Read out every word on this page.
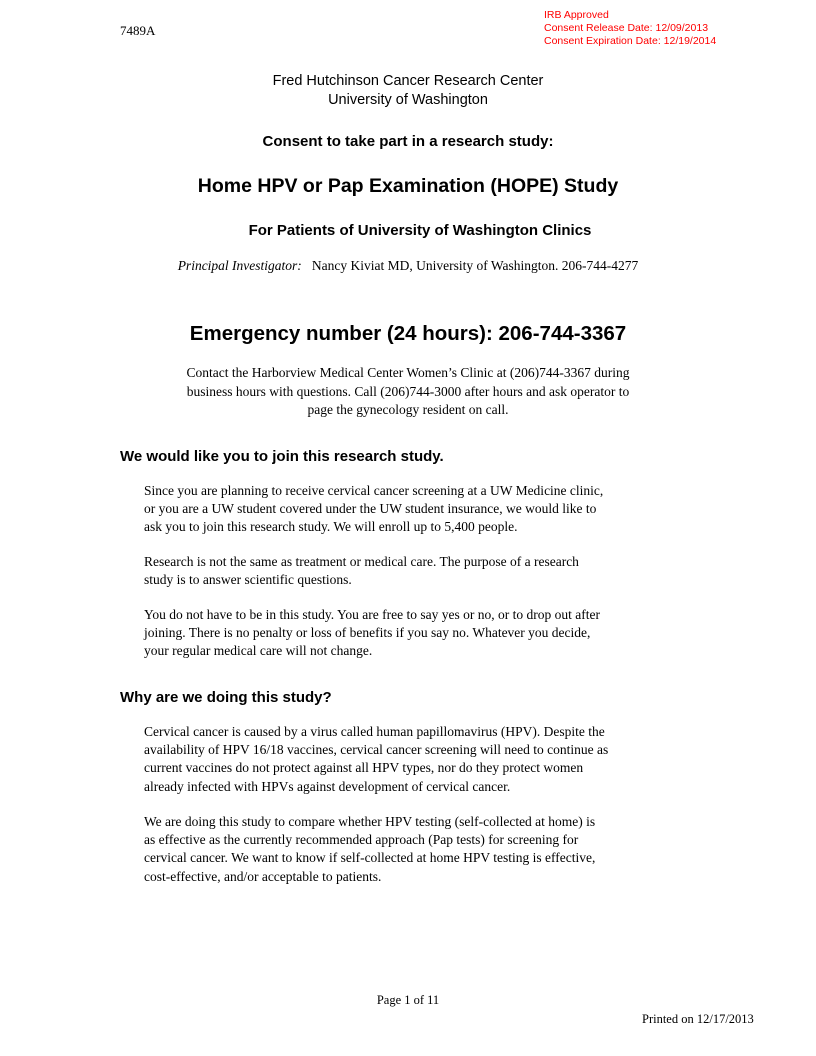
7489A
IRB Approved
Consent Release Date: 12/09/2013
Consent Expiration Date: 12/19/2014
Fred Hutchinson Cancer Research Center
University of Washington
Consent to take part in a research study:
Home HPV or Pap Examination (HOPE) Study
For Patients of University of Washington Clinics
Principal Investigator: Nancy Kiviat MD, University of Washington. 206-744-4277
Emergency number (24 hours): 206-744-3367
Contact the Harborview Medical Center Women’s Clinic at (206)744-3367 during
business hours with questions. Call (206)744-3000 after hours and ask operator to
page the gynecology resident on call.
We would like you to join this research study.
Since you are planning to receive cervical cancer screening at a UW Medicine clinic,
or you are a UW student covered under the UW student insurance, we would like to
ask you to join this research study. We will enroll up to 5,400 people.
Research is not the same as treatment or medical care. The purpose of a research
study is to answer scientific questions.
You do not have to be in this study. You are free to say yes or no, or to drop out after
joining. There is no penalty or loss of benefits if you say no. Whatever you decide,
your regular medical care will not change.
Why are we doing this study?
Cervical cancer is caused by a virus called human papillomavirus (HPV). Despite the
availability of HPV 16/18 vaccines, cervical cancer screening will need to continue as
current vaccines do not protect against all HPV types, nor do they protect women
already infected with HPVs against development of cervical cancer.
We are doing this study to compare whether HPV testing (self-collected at home) is
as effective as the currently recommended approach (Pap tests) for screening for
cervical cancer. We want to know if self-collected at home HPV testing is effective,
cost-effective, and/or acceptable to patients.
Page 1 of 11
Printed on 12/17/2013
